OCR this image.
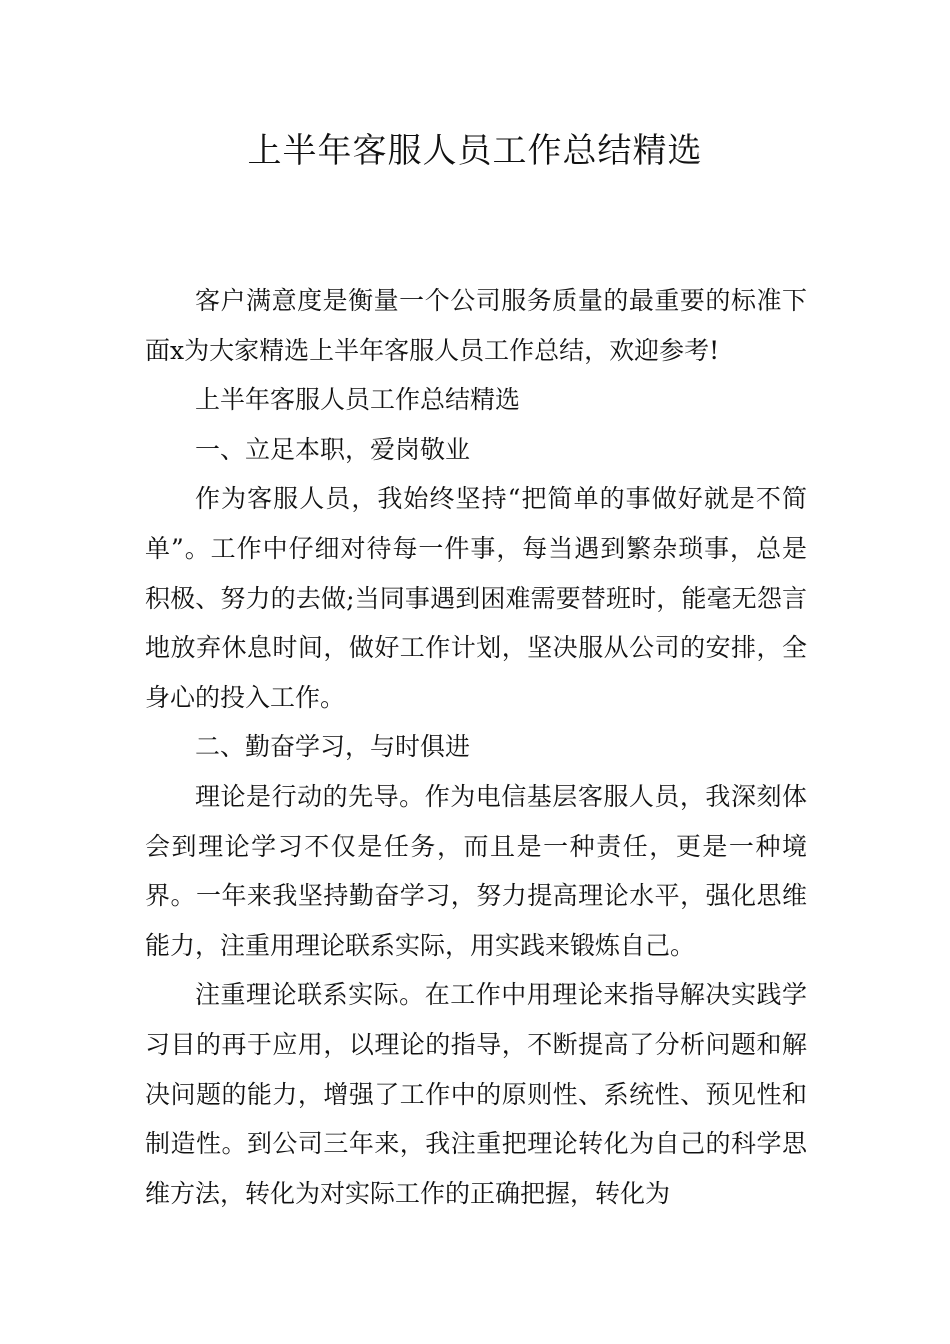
上半年客服人员工作总结精选

客户满意度是衡量一个公司服务质量的最重要的标准下面x为大家精选上半年客服人员工作总结，欢迎参考!

上半年客服人员工作总结精选

一、立足本职，爱岗敬业

作为客服人员，我始终坚持“把简单的事做好就是不简单”。工作中仔细对待每一件事，每当遇到繁杂琐事，总是积极、努力的去做;当同事遇到困难需要替班时，能毫无怨言地放弃休息时间，做好工作计划，坚决服从公司的安排，全身心的投入工作。

二、勤奋学习，与时俱进

理论是行动的先导。作为电信基层客服人员，我深刻体会到理论学习不仅是任务，而且是一种责任，更是一种境界。一年来我坚持勤奋学习，努力提高理论水平，强化思维能力，注重用理论联系实际，用实践来锻炼自己。

注重理论联系实际。在工作中用理论来指导解决实践学习目的再于应用，以理论的指导，不断提高了分析问题和解决问题的能力，增强了工作中的原则性、系统性、预见性和制造性。到公司三年来，我注重把理论转化为自己的科学思维方法，转化为对实际工作的正确把握，转化为
